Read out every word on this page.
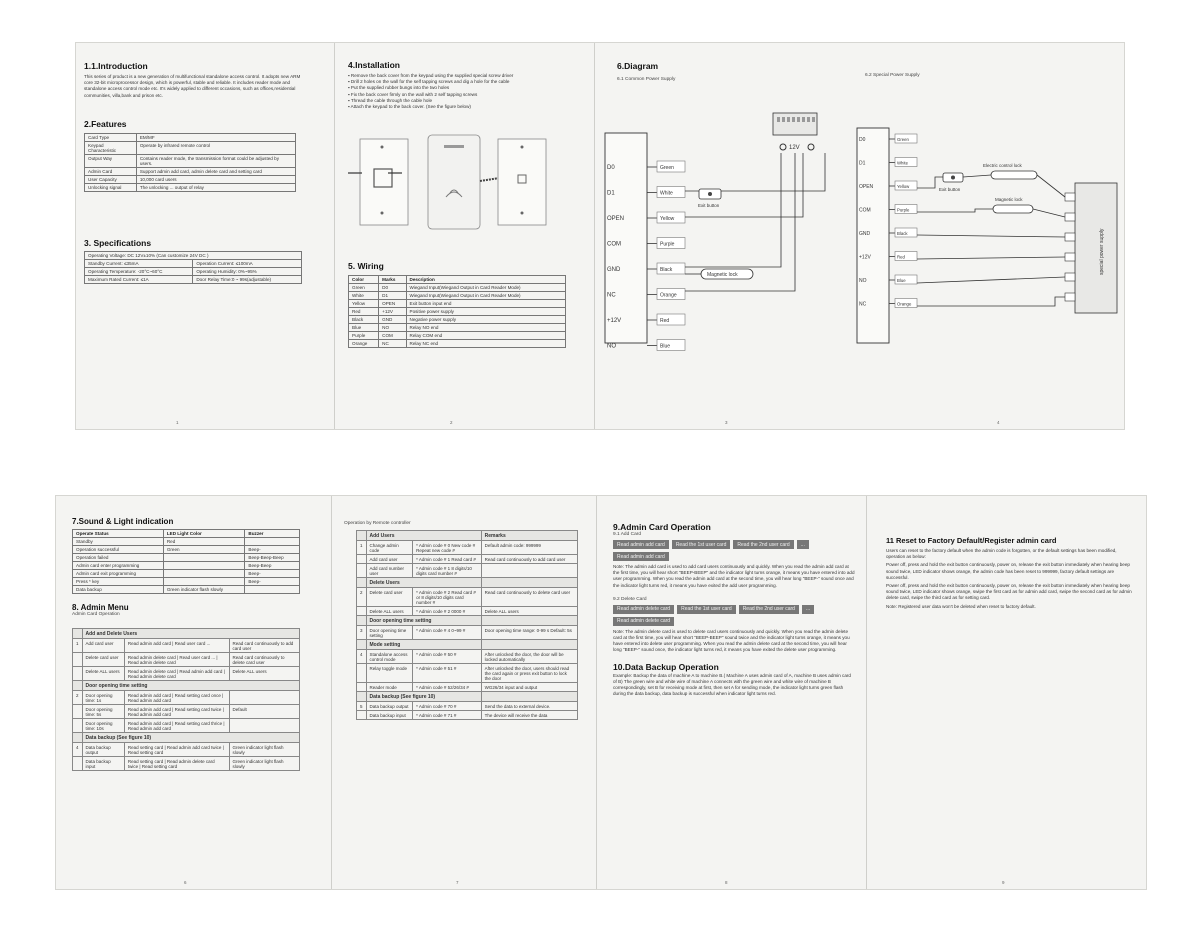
1.1.Introduction
This series of product is a new generation of multifunctional standalone access control. It adopts new ARM core 32-bit microprocessor design, which is powerful, stable and reliable. It includes reader mode and standalone access control mode etc. It's widely applied to different occasions, such as offices,residential communities, villa,bank and prison etc.
2.Features
Card Type	EM/MF
Keypad Characteristic	Operate by infrared remote control
Output Way	Contains reader mode, the transmission format could be adjusted by users.
Admin Card	Support admin add card, admin delete card and setting card
User Capacity	10,000 card users
Unlocking signal	The unlocking ... output of relay
3. Specifications
Operating Voltage: DC 12V±10% (Can customize 24V DC )	
Standby Current: ≤35mA	Operation Current: ≤100mA
Operating Temperature: -20°C~60°C	Operating Humidity: 0%~95%
Maximum Rated Current: ≤1A	Door Relay Time:0 ~ 99s(adjustable)
1
4.Installation
▪ Remove the back cover from the keypad using the supplied special screw driver
▪ Drill 2 holes on the wall for the self tapping screws and dig a hole for the cable
▪ Put the supplied rubber bungs into the two holes
▪ Fix the back cover firmly on the wall with 2 self tapping screws
▪ Thread the cable through the cable hole
▪ Attach the keypad to the back cover. (See the figure below)
5. Wiring
Color	Marks	Description
Green	D0	Wiegand Input(Wiegand Output in Card Reader Mode)
White	D1	Wiegand Input(Wiegand Output in Card Reader Mode)
Yellow	OPEN	Exit button input end
Red	+12V	Positive power supply
Black	GND	Negative power supply
Blue	NO	Relay NO end
Purple	COM	Relay COM end
Orange	NC	Relay NC end
2
6.Diagram
6.1 Common Power Supply
6.2 Special Power Supply
D0	Green
D1	White
OPEN	Yellow
COM	Purple
GND	Black
NC	Orange
+12V	Red
NO	Blue
12V
Exit button
Magnetic lock
D0	Green
D1	White
OPEN	Yellow
COM	Purple
GND	Black
+12V	Red
NO	Blue
NC	Orange
special power supply
Electric control lock
Magnetic lock
Exit button
3	4
7.Sound & Light indication
Operate Status	LED Light Color	Buzzer
Standby	Red	
Operation successful	Green	Beep-
Operation failed		Beep-Beep-Beep
Admin card enter programming		Beep-Beep
Admin card exit programming		Beep-
Press * key		Beep-
Data backup	Green indicator flash slowly	
8. Admin Menu
Admin Card Operation
	Add and Delete Users		
1	Add card user	Read admin add card | Read user card ...	Read card continuously to add card user
	Delete card user	Read admin delete card | Read user card ... | Read admin delete card	Read card continuously to delete card user
	Delete ALL users	Read admin delete card | Read admin add card | Read admin delete card	Delete ALL users
	Door opening time setting		
2	Door opening time: 1s	Read admin add card | Read setting card once | Read admin add card	
	Door opening time: 5s	Read admin add card | Read setting card twice | Read admin add card	Default
	Door opening time: 10s	Read admin add card | Read setting card thrice | Read admin add card	
	Data backup (See figure 10)		
4	Data backup output	Read setting card | Read admin add card twice | Read setting card	Green indicator light flash slowly
	Data backup input	Read setting card | Read admin delete card twice | Read setting card	Green indicator light flash slowly
6
Operation by Remote controller
	Add Users		Remarks
1	Change admin code	* Admin code # 0 New code # Repeat new code #	Default admin code: 999999
	Add card user	* Admin code # 1 Read card #	Read card continuously to add card user
	Add card number user	* Admin code # 1 8 digits/10 digits card number #	
	Delete Users		
2	Delete card user	* Admin code # 2 Read card # or 8 digits/10 digits card number #	Read card continuously to delete card user
	Delete ALL users	* Admin code # 2 0000 #	Delete ALL users
	Door opening time setting		
3	Door opening time setting	* Admin code # 4 0~99 #	Door opening time range: 0-99 s Default: 5s
	Mode setting		
4	Standalone access control mode	* Admin code # 50 #	After unlocked the door, the door will be locked automatically
	Relay toggle mode	* Admin code # 51 #	After unlocked the door, users should read the card again or press exit button to lock the door
	Reader mode	* Admin code # 52/26/34 #	WG26/34 input and output
	Data backup (See figure 10)		
5	Data backup output	* Admin code # 70 #	Send the data to external device.
	Data backup input	* Admin code # 71 #	The device will receive the data
7
9.Admin Card Operation
9.1 Add Card
Read admin add card	Read the 1st user card	Read the 2nd user card	...
Read admin add card
Note: The admin add card is used to add card users continuously and quickly. When you read the admin add card at the first time, you will hear short "BEEP-BEEP" and the indicator light turns orange, it means you have entered into add user programming. When you read the admin add card at the second time, you will hear long "BEEP-" sound once and the indicator light turns red, it means you have exited the add user programming.
9.2 Delete Card
Read admin delete card	Read the 1st user card	Read the 2nd user card	...
Read admin delete card
Note: The admin delete card is used to delete card users continuously and quickly. When you read the admin delete card at the first time, you will hear short "BEEP-BEEP" sound twice and the indicator light turns orange, it means you have entered into delete user programming. When you read the admin delete card at the second time, you will hear long "BEEP-" sound once, the indicator light turns red, it means you have exited the delete user programming.
10.Data Backup Operation
Example: Backup the data of machine A to machine B.( Machine A uses admin card of A, machine B uses admin card of B) The green wire and white wire of machine A connects with the green wire and white wire of machine B correspondingly, set B for receiving mode at first, then set A for sending mode, the indicator light turns green flash during the data backup, data backup is successful when indicator light turns red.
8
11 Reset to Factory Default/Register admin card
Users can reset to the factory default when the admin code is forgotten, or the default settings has been modified, operation as below:
Power off, press and hold the exit button continuously, power on, release the exit button immediately when hearing beep sound twice, LED indicator shows orange, the admin code has been reset to 999999, factory default settings are successful.
Power off, press and hold the exit button continuously, power on, release the exit button immediately when hearing beep sound twice, LED indicator shows orange, swipe the first card as for admin add card, swipe the second card as for admin delete card, swipe the third card as for setting card.
Note: Registered user data won't be deleted when reset to factory default.
9
